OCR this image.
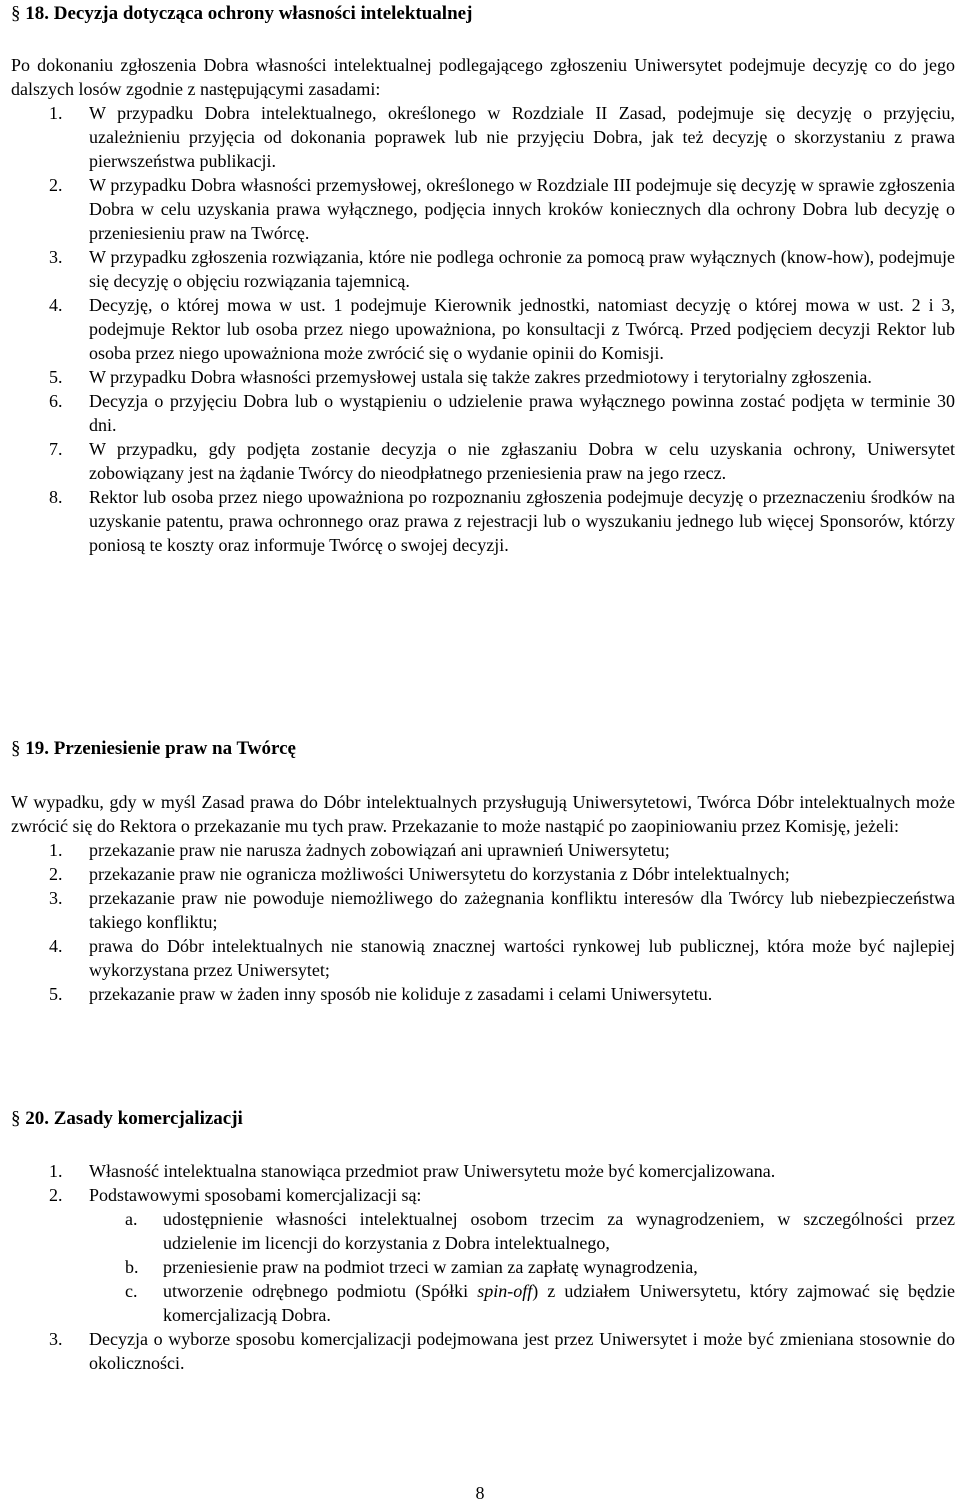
§ 18. Decyzja dotycząca ochrony własności intelektualnej

Po dokonaniu zgłoszenia Dobra własności intelektualnej podlegającego zgłoszeniu Uniwersytet podejmuje decyzję co do jego dalszych losów zgodnie z następującymi zasadami:

1.	W przypadku Dobra intelektualnego, określonego w Rozdziale II Zasad, podejmuje się decyzję o przyjęciu, uzależnieniu przyjęcia od dokonania poprawek lub nie przyjęciu Dobra, jak też decyzję o skorzystaniu z prawa pierwszeństwa publikacji.
2.	W przypadku Dobra własności przemysłowej, określonego w Rozdziale III podejmuje się decyzję w sprawie zgłoszenia Dobra w celu uzyskania prawa wyłącznego, podjęcia innych kroków koniecznych dla ochrony Dobra lub decyzję o przeniesieniu praw na Twórcę.
3.	W przypadku zgłoszenia rozwiązania, które nie podlega ochronie za pomocą praw wyłącznych (know-how), podejmuje się decyzję o objęciu rozwiązania tajemnicą.
4.	Decyzję, o której mowa w ust. 1 podejmuje Kierownik jednostki, natomiast decyzję o której mowa w ust. 2 i 3, podejmuje Rektor lub osoba przez niego upoważniona, po konsultacji z Twórcą. Przed podjęciem decyzji Rektor lub osoba przez niego upoważniona może zwrócić się o wydanie opinii do Komisji.
5.	W przypadku Dobra własności przemysłowej ustala się także zakres przedmiotowy i terytorialny zgłoszenia.
6.	Decyzja o przyjęciu Dobra lub o wystąpieniu o udzielenie prawa wyłącznego powinna zostać podjęta w terminie 30 dni.
7.	W przypadku, gdy podjęta zostanie decyzja o nie zgłaszaniu Dobra w celu uzyskania ochrony, Uniwersytet zobowiązany jest na żądanie Twórcy do nieodpłatnego przeniesienia praw na jego rzecz.
8.	Rektor lub osoba przez niego upoważniona po rozpoznaniu zgłoszenia podejmuje decyzję o przeznaczeniu środków na uzyskanie patentu, prawa ochronnego oraz prawa z rejestracji lub o wyszukaniu jednego lub więcej Sponsorów, którzy poniosą te koszty oraz informuje Twórcę o swojej decyzji.
§ 19. Przeniesienie praw na Twórcę

W wypadku, gdy w myśl Zasad prawa do Dóbr intelektualnych przysługują Uniwersytetowi, Twórca Dóbr intelektualnych może zwrócić się do Rektora o przekazanie mu tych praw. Przekazanie to może nastąpić po zaopiniowaniu przez Komisję, jeżeli:

1.	przekazanie praw nie narusza żadnych zobowiązań ani uprawnień Uniwersytetu;
2.	przekazanie praw nie ogranicza możliwości Uniwersytetu do korzystania z Dóbr intelektualnych;
3.	przekazanie praw nie powoduje niemożliwego do zażegnania konfliktu interesów dla Twórcy lub niebezpieczeństwa takiego konfliktu;
4.	prawa do Dóbr intelektualnych nie stanowią znacznej wartości rynkowej lub publicznej, która może być najlepiej wykorzystana przez Uniwersytet;
5.	przekazanie praw w żaden inny sposób nie koliduje z zasadami i celami Uniwersytetu.
§ 20. Zasady komercjalizacji
1.	Własność intelektualna stanowiąca przedmiot praw Uniwersytetu może być komercjalizowana.
2.	Podstawowymi sposobami komercjalizacji są:
a.	udostępnienie własności intelektualnej osobom trzecim za wynagrodzeniem, w szczególności przez udzielenie im licencji do korzystania z Dobra intelektualnego,
b.	przeniesienie praw na podmiot trzeci w zamian za zapłatę wynagrodzenia,
c.	utworzenie odrębnego podmiotu (Spółki spin-off) z udziałem Uniwersytetu, który zajmować się będzie komercjalizacją Dobra.
3.	Decyzja o wyborze sposobu komercjalizacji podejmowana jest przez Uniwersytet i może być zmieniana stosownie do okoliczności.
8
